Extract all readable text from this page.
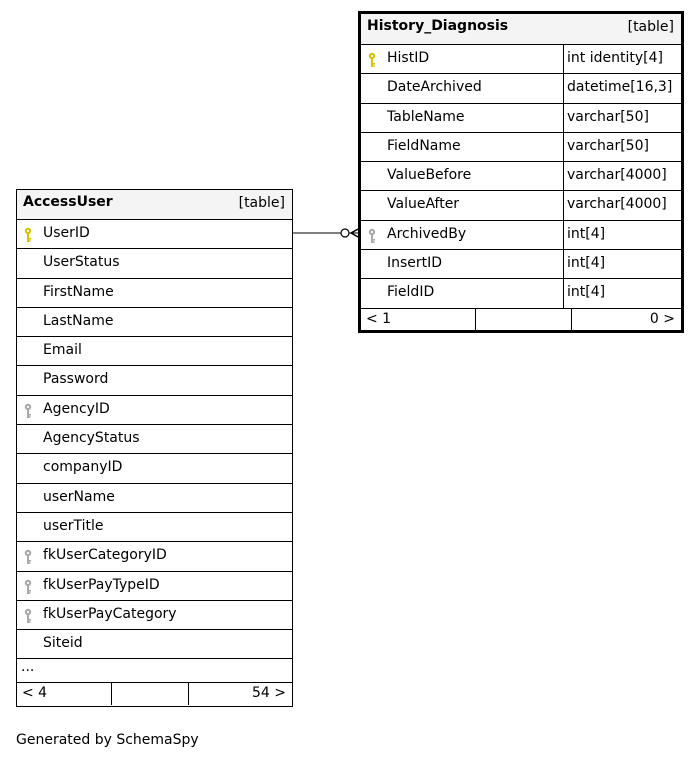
History_Diagnosis	[table]
HistID	int identity[4]
DateArchived	datetime[16,3]
TableName	varchar[50]
FieldName	varchar[50]
ValueBefore	varchar[4000]
ValueAfter	varchar[4000]
ArchivedBy	int[4]
InsertID	int[4]
FieldID	int[4]
< 1	0 >
AccessUser	[table]
UserID
UserStatus
FirstName
LastName
Email
Password
AgencyID
AgencyStatus
companyID
userName
userTitle
fkUserCategoryID
fkUserPayTypeID
fkUserPayCategory
Siteid
...
< 4	54 >
Generated by SchemaSpy
